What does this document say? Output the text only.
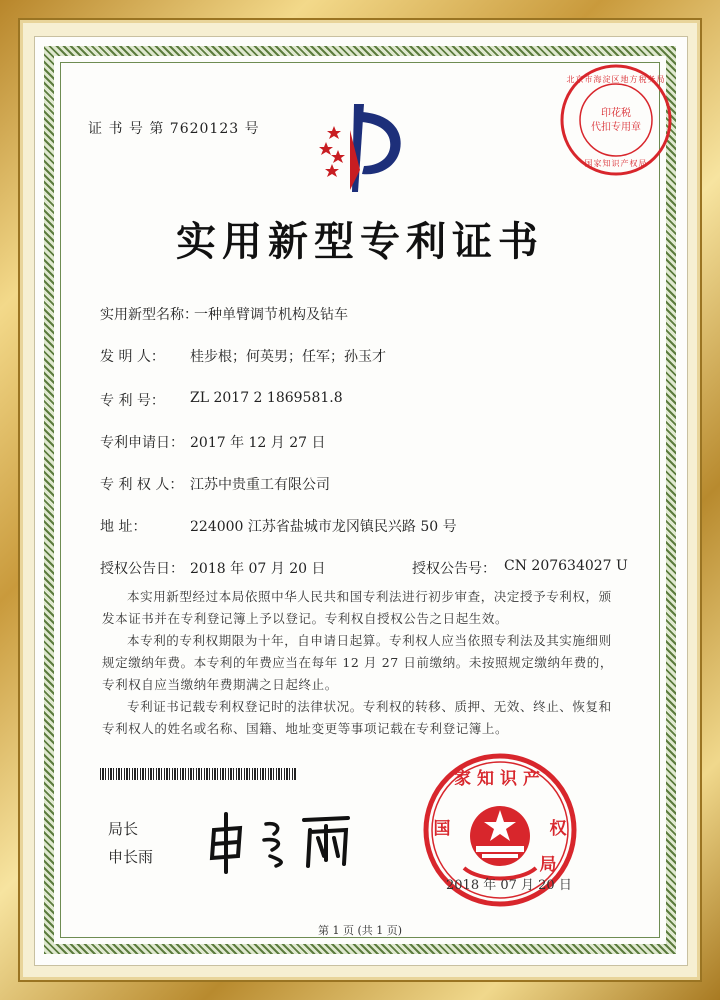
证 书 号 第 7620123 号
实用新型专利证书
实用新型名称：
一种单臂调节机构及钻车
发 明 人： 桂步根；何英男；任军；孙玉才
专 利 号： ZL 2017 2 1869581.8
专利申请日： 2017 年 12 月 27 日
专 利 权 人： 江苏中贵重工有限公司
地 址：	224000 江苏省盐城市龙冈镇民兴路 50 号
授权公告日： 2018 年 07 月 20 日	授权公告号： CN 207634027 U

本实用新型经过本局依照中华人民共和国专利法进行初步审查，决定授予专利权，颁发本证书并在专利登记簿上予以登记。专利权自授权公告之日起生效。

本专利的专利权期限为十年，自申请日起算。专利权人应当依照专利法及其实施细则规定缴纳年费。本专利的年费应当在每年 12 月 27 日前缴纳。未按照规定缴纳年费的，专利权自应当缴纳年费期满之日起终止。

专利证书记载专利权登记时的法律状况。专利权的转移、质押、无效、终止、恢复和专利权人的姓名或名称、国籍、地址变更等事项记载在专利登记簿上。

局长
申长雨
家知识产
国	权
局
北京市海淀区地方税务局
印花税
代扣专用章
国家知识产权局
2018 年 07 月 20 日
第 1 页 (共 1 页)
